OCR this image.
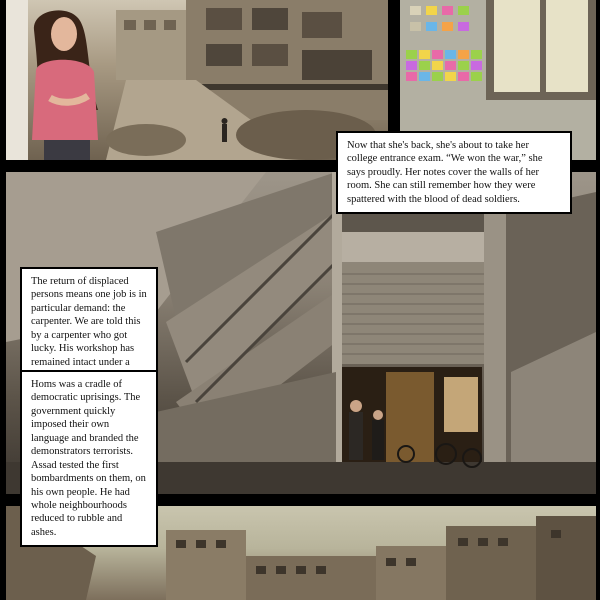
Now that she's back, she's about to take her college entrance exam. “We won the war,” she says proudly. Her notes cover the walls of her room. She can still remember how they were spattered with the blood of dead soldiers.
The return of displaced persons means one job is in particular demand: the carpenter. We are told this by a carpenter who got lucky. His workshop has remained intact under a
Homs was a cradle of democratic uprisings. The government quickly imposed their own language and branded the demonstrators terrorists. Assad tested the first bombardments on them, on his own people. He had whole neighbourhoods reduced to rubble and ashes.
